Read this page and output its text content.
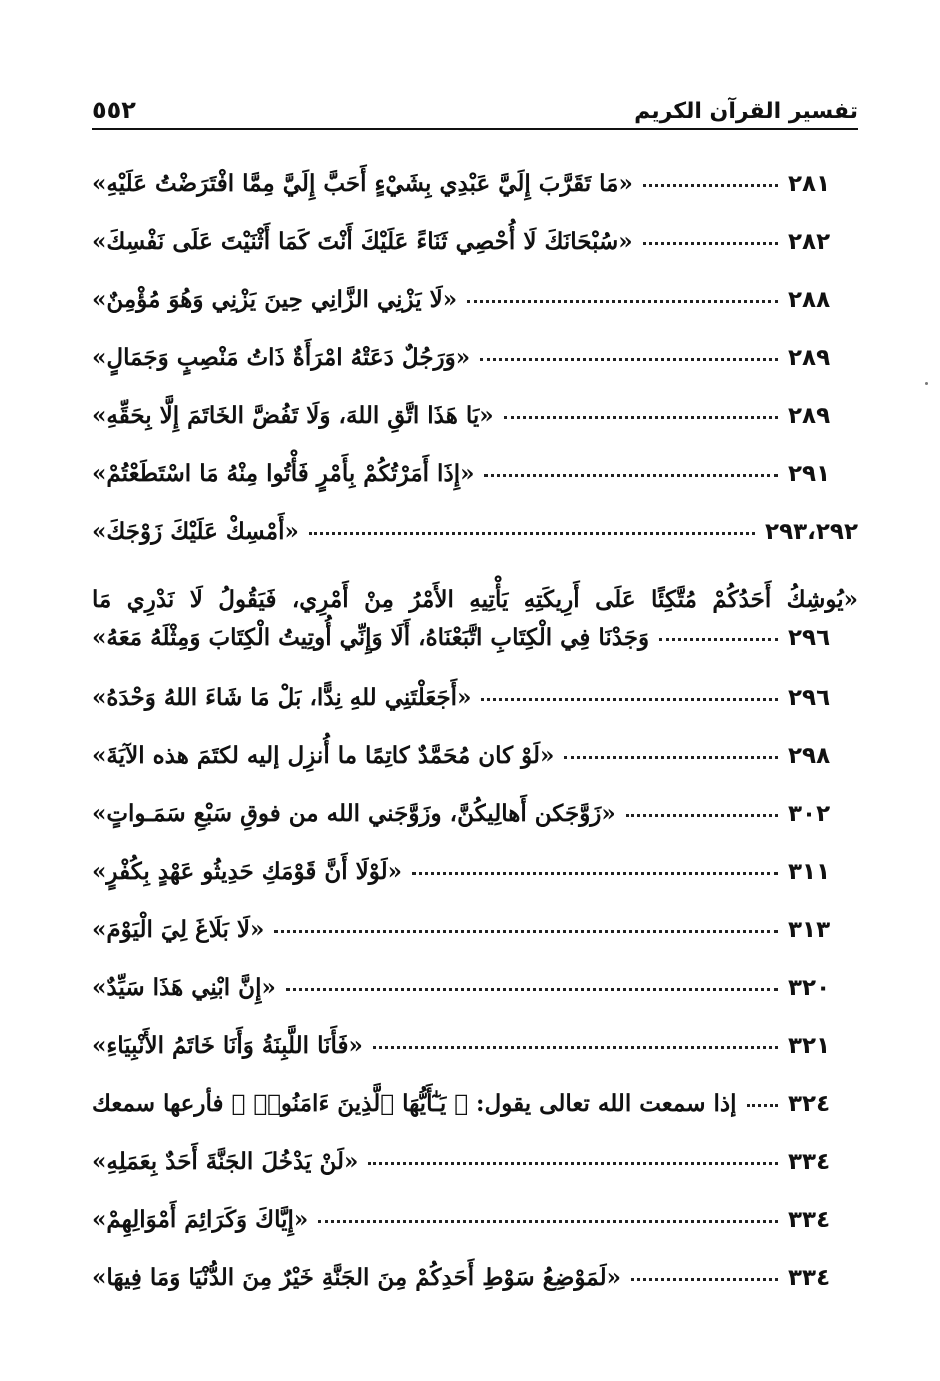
٥٥٢	تفسير القرآن الكريم
«مَا تَقَرَّبَ إِلَيَّ عَبْدِي بِشَيْءٍ أَحَبَّ إِلَيَّ مِمَّا افْتَرَضْتُ عَلَيْهِ»	٢٨١
«سُبْحَانَكَ لَا أُحْصِي ثَنَاءً عَلَيْكَ أَنْتَ كَمَا أَثْنَيْتَ عَلَى نَفْسِكَ»	٢٨٢
«لَا يَزْنِي الزَّانِي حِينَ يَزْنِي وَهُوَ مُؤْمِنٌ»	٢٨٨
«وَرَجُلٌ دَعَتْهُ امْرَأَةٌ ذَاتُ مَنْصِبٍ وَجَمَالٍ»	٢٨٩
«يَا هَذَا اتَّقِ اللهَ، وَلَا تَفُضَّ الخَاتَمَ إِلَّا بِحَقِّهِ»	٢٨٩
«إِذَا أَمَرْتُكُمْ بِأَمْرٍ فَأْتُوا مِنْهُ مَا اسْتَطَعْتُمْ»	٢٩١
«أَمْسِكْ عَلَيْكَ زَوْجَكَ»	٢٩٣،٢٩٢
«يُوشِكُ أَحَدُكُمْ مُتَّكِئًا عَلَى أَرِيكَتِهِ يَأْتِيهِ الأَمْرُ مِنْ أَمْرِي، فَيَقُولُ لَا نَدْرِي مَا
وَجَدْنَا فِي الْكِتَابِ اتَّبَعْنَاهُ، أَلَا وَإِنِّي أُوتِيتُ الْكِتَابَ وَمِثْلَهُ مَعَهُ»	٢٩٦
«أَجَعَلْتَنِي للهِ نِدًّا، بَلْ مَا شَاءَ اللهُ وَحْدَهُ»	٢٩٦
«لَوْ كان مُحَمَّدٌ كاتِمًا ما أُنزِل إليه لكتَمَ هذه الآيَةَ»	٢٩٨
«زَوَّجَكن أَهالِيكُنَّ، وزَوَّجَني الله من فوقِ سَبْعِ سَمَـواتٍ»	٣٠٢
«لَوْلَا أَنَّ قَوْمَكِ حَدِيثُو عَهْدٍ بِكُفْرٍ»	٣١١
«لَا بَلَاغَ لِيَ الْيَوْمَ»	٣١٣
«إِنَّ ابْنِي هَذَا سَيِّدٌ»	٣٢٠
«فَأَنَا اللَّبِنَةُ وَأَنَا خَاتَمُ الأَنْبِيَاءِ»	٣٢١
إذا سمعت الله تعالى يقول: ﴿ يَـٰٓأَيُّهَا ٱلَّذِينَ ءَامَنُوا۟ ﴾ فأرعها سمعك ٣٢٤
«لَنْ يَدْخُلَ الجَنَّةَ أَحَدٌ بِعَمَلِهِ»	٣٣٤
«إِيَّاكَ وَكَرَائِمَ أَمْوَالِهِمْ»	٣٣٤
«لَمَوْضِعُ سَوْطِ أَحَدِكُمْ مِنَ الجَنَّةِ خَيْرٌ مِنَ الدُّنْيَا وَمَا فِيهَا»	٣٣٤
